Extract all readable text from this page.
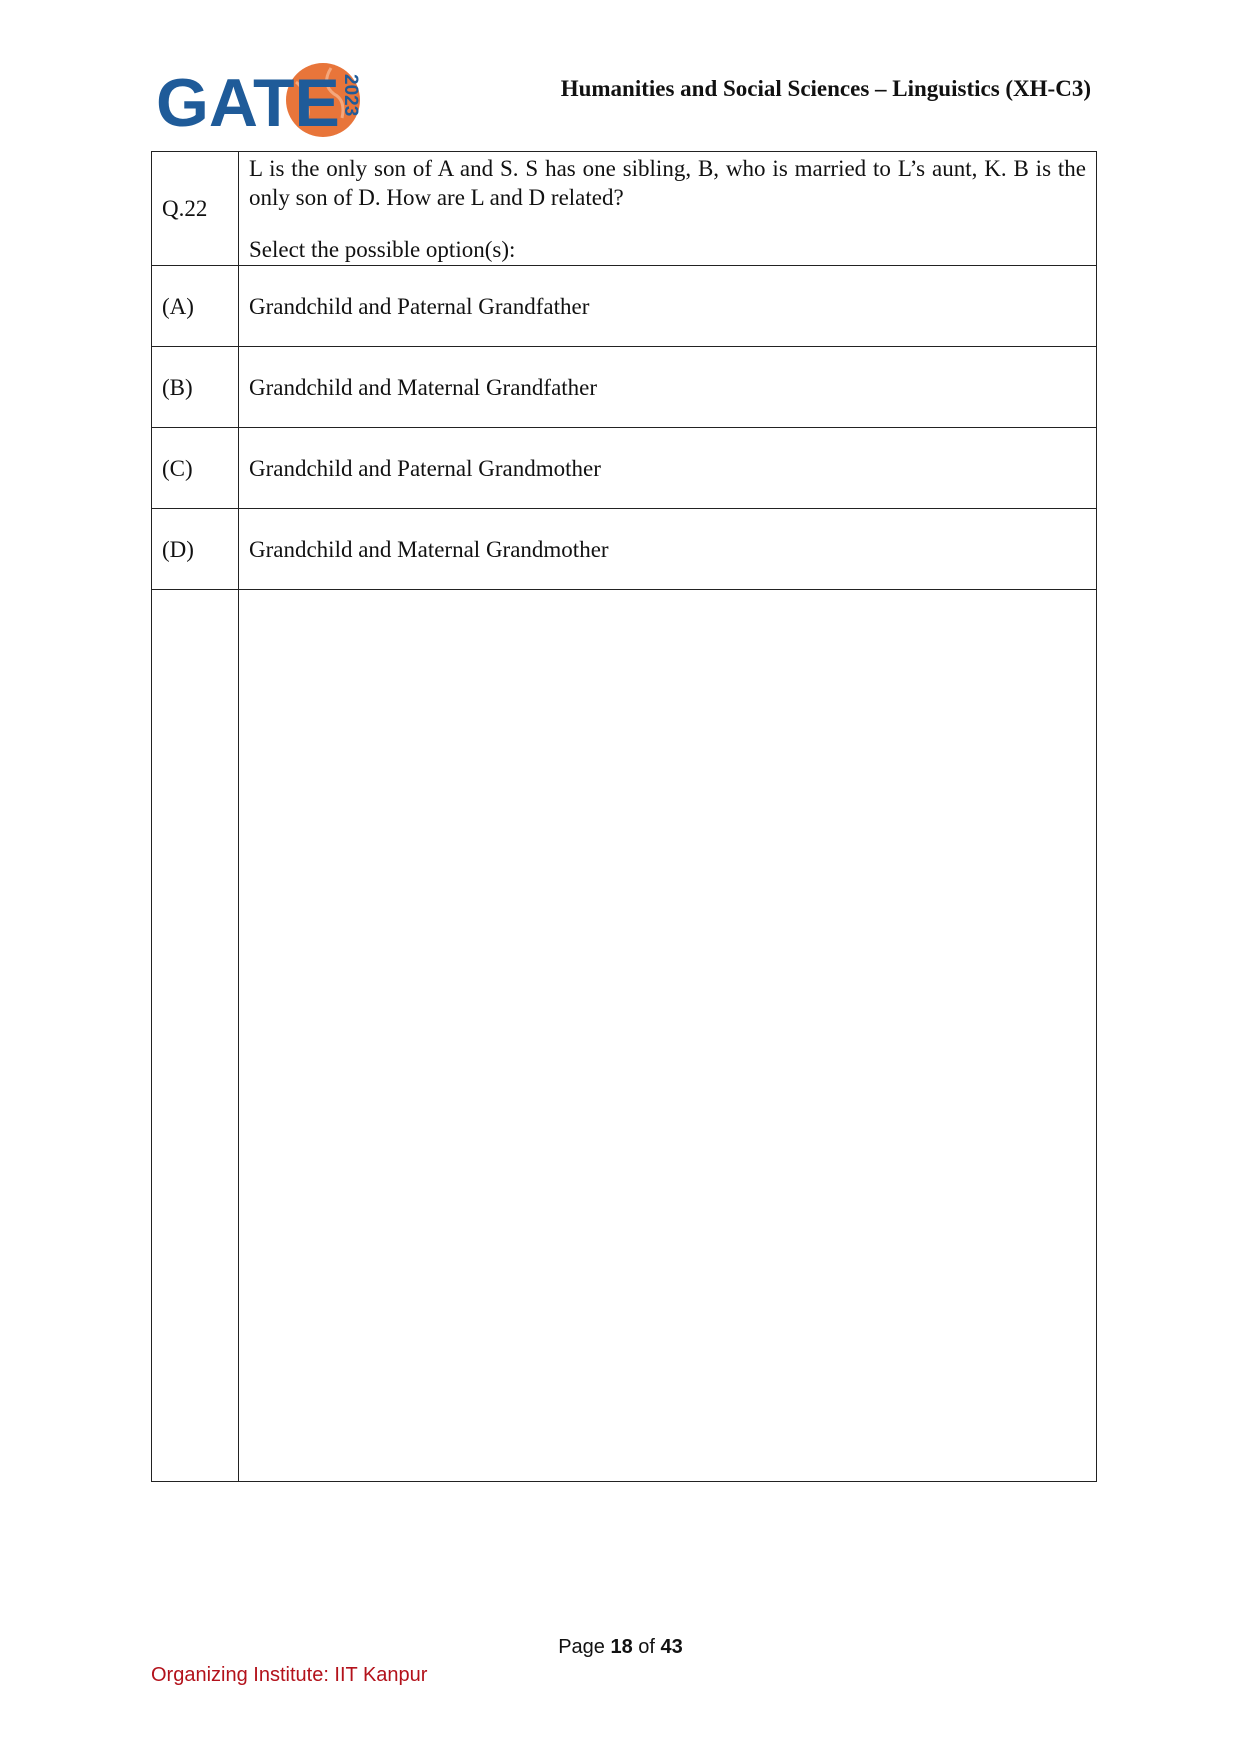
GATE 2023	Humanities and Social Sciences – Linguistics (XH-C3)
Q.22	L is the only son of A and S. S has one sibling, B, who is married to L’s aunt, K. B is the only son of D. How are L and D related?
Select the possible option(s):

(A)	Grandchild and Paternal Grandfather
(B)	Grandchild and Maternal Grandfather
(C)	Grandchild and Paternal Grandmother
(D)	Grandchild and Maternal Grandmother

Page 18 of 43
Organizing Institute: IIT Kanpur
